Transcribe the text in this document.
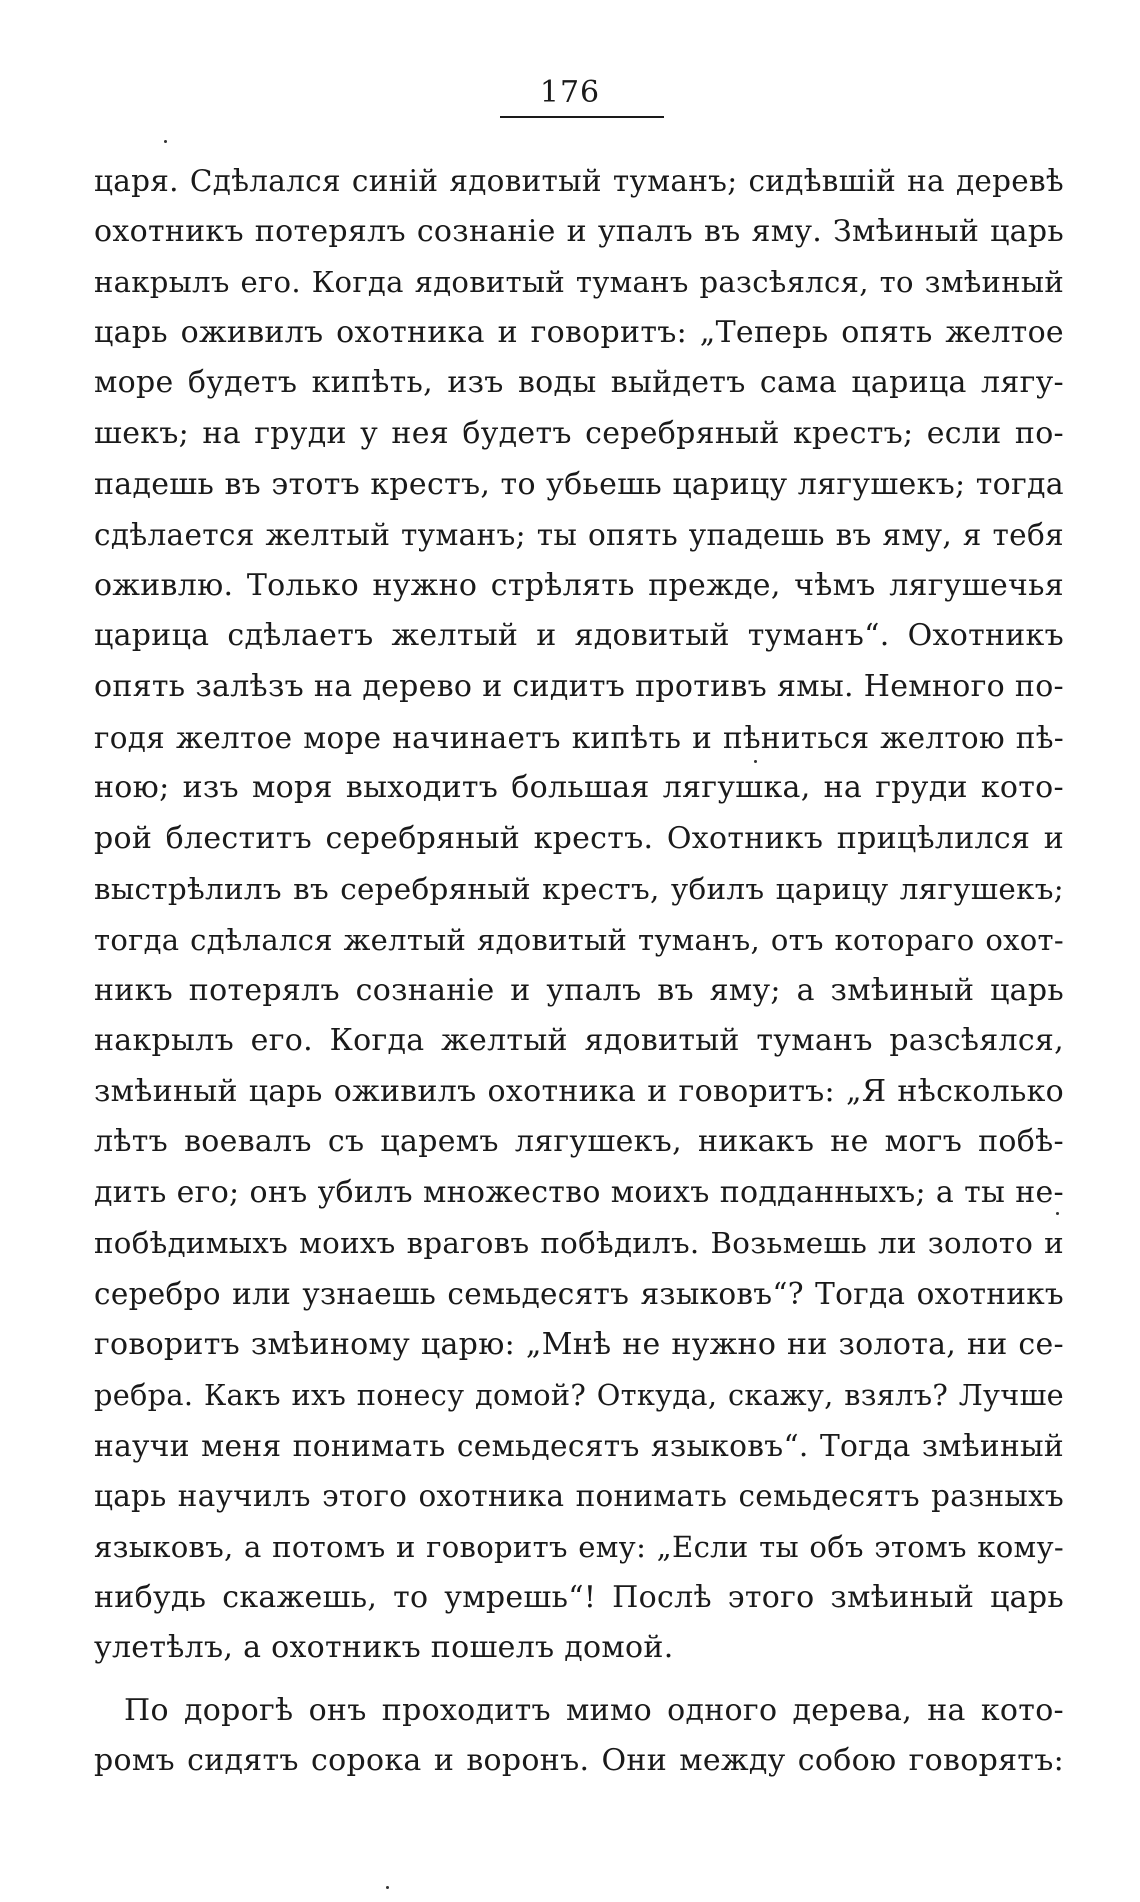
176
царя. Сдѣлался синій ядовитый туманъ; сидѣвшій на деревѣ
охотникъ потерялъ сознаніе и упалъ въ яму. Змѣиный царь
накрылъ его. Когда ядовитый туманъ разсѣялся, то змѣиный
царь оживилъ охотника и говоритъ: „Теперь опять желтое
море будетъ кипѣть, изъ воды выйдетъ сама царица лягу-
шекъ; на груди у нея будетъ серебряный крестъ; если по-
падешь въ этотъ крестъ, то убьешь царицу лягушекъ; тогда
сдѣлается желтый туманъ; ты опять упадешь въ яму, я тебя
оживлю. Только нужно стрѣлять прежде, чѣмъ лягушечья
царица сдѣлаетъ желтый и ядовитый туманъ“. Охотникъ
опять залѣзъ на дерево и сидитъ противъ ямы. Немного по-
годя желтое море начинаетъ кипѣть и пѣниться желтою пѣ-
ною; изъ моря выходитъ большая лягушка, на груди кото-
рой блеститъ серебряный крестъ. Охотникъ прицѣлился и
выстрѣлилъ въ серебряный крестъ, убилъ царицу лягушекъ;
тогда сдѣлался желтый ядовитый туманъ, отъ котораго охот-
никъ потерялъ сознаніе и упалъ въ яму; а змѣиный царь
накрылъ его. Когда желтый ядовитый туманъ разсѣялся,
змѣиный царь оживилъ охотника и говоритъ: „Я нѣсколько
лѣтъ воевалъ съ царемъ лягушекъ, никакъ не могъ побѣ-
дить его; онъ убилъ множество моихъ подданныхъ; а ты не-
побѣдимыхъ моихъ враговъ побѣдилъ. Возьмешь ли золото и
серебро или узнаешь семьдесятъ языковъ“? Тогда охотникъ
говоритъ змѣиному царю: „Мнѣ не нужно ни золота, ни се-
ребра. Какъ ихъ понесу домой? Откуда, скажу, взялъ? Лучше
научи меня понимать семьдесятъ языковъ“. Тогда змѣиный
царь научилъ этого охотника понимать семьдесятъ разныхъ
языковъ, а потомъ и говоритъ ему: „Если ты объ этомъ кому-
нибудь скажешь, то умрешь“! Послѣ этого змѣиный царь
улетѣлъ, а охотникъ пошелъ домой.
По дорогѣ онъ проходитъ мимо одного дерева, на кото-
ромъ сидятъ сорока и воронъ. Они между собою говорятъ:
